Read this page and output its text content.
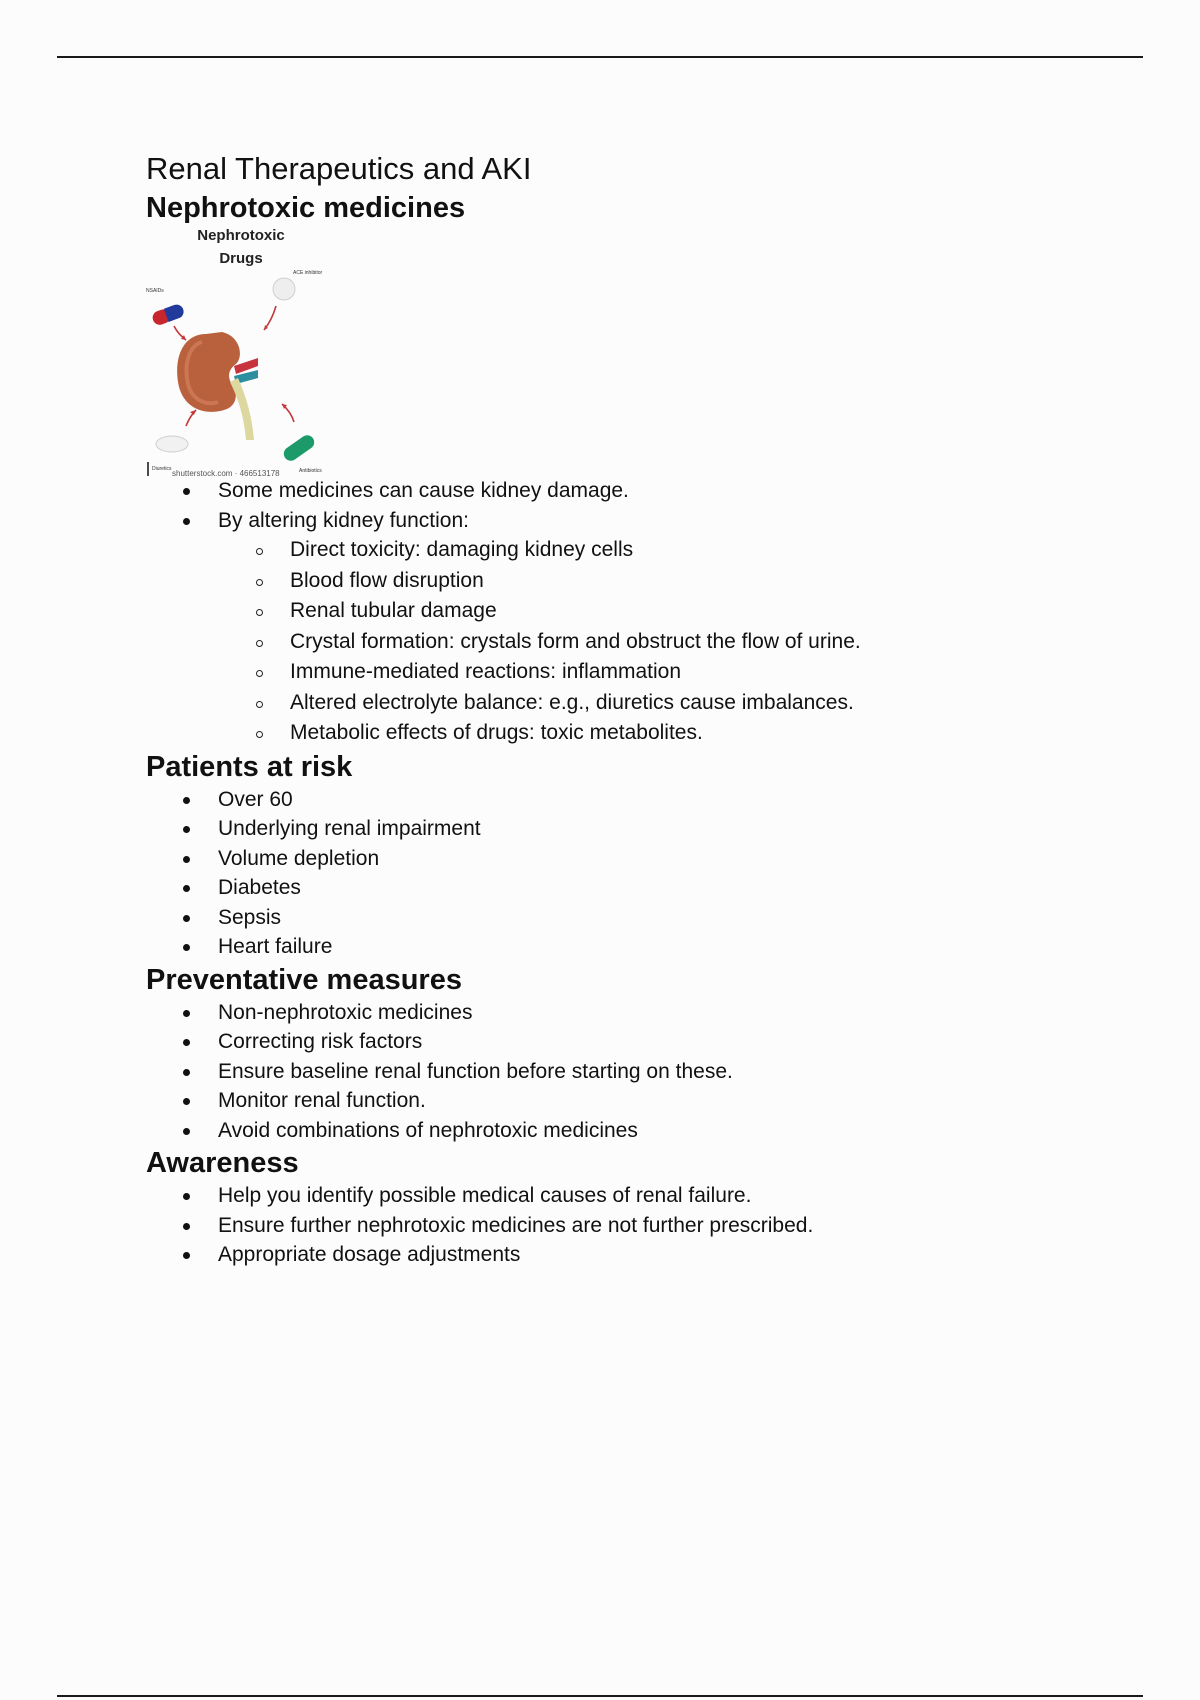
Renal Therapeutics and AKI
Nephrotoxic medicines
Nephrotoxic
Drugs
NSAIDs
ACE inhibitor
Diuretics	Antibiotics
shutterstock.com · 466513178
Some medicines can cause kidney damage.
By altering kidney function:
Direct toxicity: damaging kidney cells
Blood flow disruption
Renal tubular damage
Crystal formation: crystals form and obstruct the flow of urine.
Immune-mediated reactions: inflammation
Altered electrolyte balance: e.g., diuretics cause imbalances.
Metabolic effects of drugs: toxic metabolites.
Patients at risk
Over 60
Underlying renal impairment
Volume depletion
Diabetes
Sepsis
Heart failure
Preventative measures
Non-nephrotoxic medicines
Correcting risk factors
Ensure baseline renal function before starting on these.
Monitor renal function.
Avoid combinations of nephrotoxic medicines
Awareness
Help you identify possible medical causes of renal failure.
Ensure further nephrotoxic medicines are not further prescribed.
Appropriate dosage adjustments
